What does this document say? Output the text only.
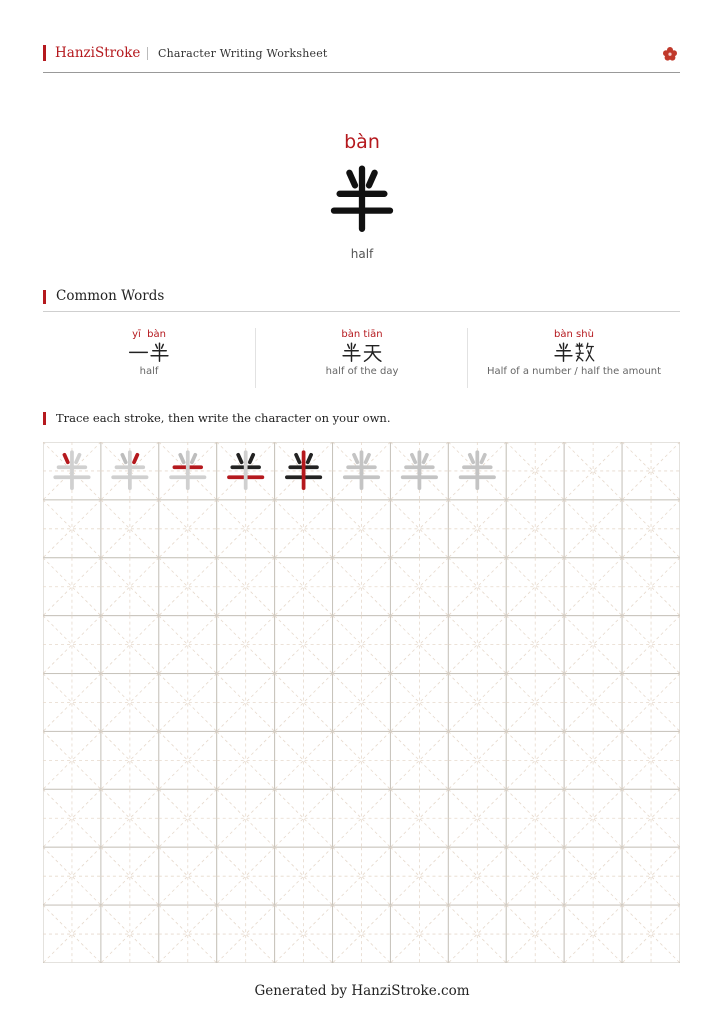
HanziStroke Character Writing Worksheet
bàn
half
Common Words
yī  bàn
half
bàn tiān
half of the day
bàn shù
Half of a number / half the amount
Trace each stroke, then write the character on your own.
Generated by HanziStroke.com
